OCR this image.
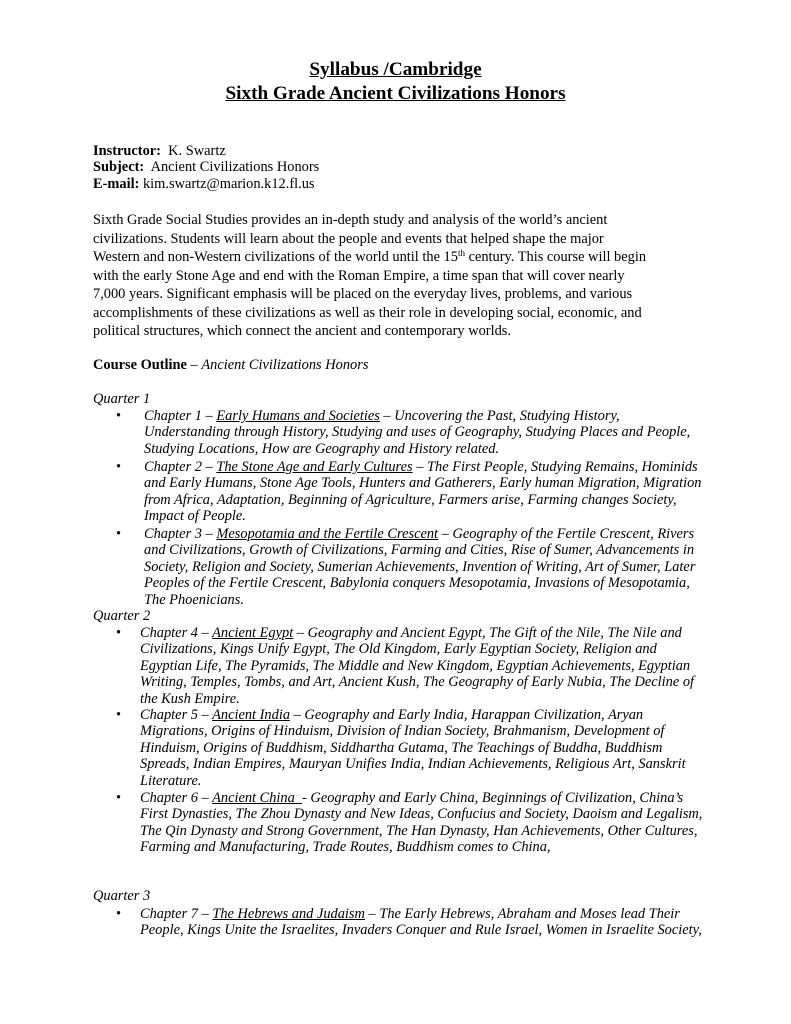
Syllabus /Cambridge
Sixth Grade Ancient Civilizations Honors
Instructor: K. Swartz
Subject: Ancient Civilizations Honors
E-mail: kim.swartz@marion.k12.fl.us

Sixth Grade Social Studies provides an in-depth study and analysis of the world’s ancient

civilizations. Students will learn about the people and events that helped shape the major

Western and non-Western civilizations of the world until the 15th century. This course will begin

with the early Stone Age and end with the Roman Empire, a time span that will cover nearly

7,000 years. Significant emphasis will be placed on the everyday lives, problems, and various

accomplishments of these civilizations as well as their role in developing social, economic, and

political structures, which connect the ancient and contemporary worlds.

Course Outline – Ancient Civilizations Honors
Quarter 1
• Chapter 1 – Early Humans and Societies – Uncovering the Past, Studying History,
Understanding through History, Studying and uses of Geography, Studying Places and People,
Studying Locations, How are Geography and History related.
• Chapter 2 – The Stone Age and Early Cultures – The First People, Studying Remains, Hominids
and Early Humans, Stone Age Tools, Hunters and Gatherers, Early human Migration, Migration
from Africa, Adaptation, Beginning of Agriculture, Farmers arise, Farming changes Society,
Impact of People.
• Chapter 3 – Mesopotamia and the Fertile Crescent – Geography of the Fertile Crescent, Rivers
and Civilizations, Growth of Civilizations, Farming and Cities, Rise of Sumer, Advancements in
Society, Religion and Society, Sumerian Achievements, Invention of Writing, Art of Sumer, Later
Peoples of the Fertile Crescent, Babylonia conquers Mesopotamia, Invasions of Mesopotamia,
The Phoenicians.
Quarter 2
• Chapter 4 – Ancient Egypt – Geography and Ancient Egypt, The Gift of the Nile, The Nile and
Civilizations, Kings Unify Egypt, The Old Kingdom, Early Egyptian Society, Religion and
Egyptian Life, The Pyramids, The Middle and New Kingdom, Egyptian Achievements, Egyptian
Writing, Temples, Tombs, and Art, Ancient Kush, The Geography of Early Nubia, The Decline of
the Kush Empire.
• Chapter 5 – Ancient India – Geography and Early India, Harappan Civilization, Aryan
Migrations, Origins of Hinduism, Division of Indian Society, Brahmanism, Development of
Hinduism, Origins of Buddhism, Siddhartha Gutama, The Teachings of Buddha, Buddhism
Spreads, Indian Empires, Mauryan Unifies India, Indian Achievements, Religious Art, Sanskrit
Literature.
• Chapter 6 – Ancient China  - Geography and Early China, Beginnings of Civilization, China’s
First Dynasties, The Zhou Dynasty and New Ideas, Confucius and Society, Daoism and Legalism,
The Qin Dynasty and Strong Government, The Han Dynasty, Han Achievements, Other Cultures,
Farming and Manufacturing, Trade Routes, Buddhism comes to China,
Quarter 3
• Chapter 7 – The Hebrews and Judaism – The Early Hebrews, Abraham and Moses lead Their
People, Kings Unite the Israelites, Invaders Conquer and Rule Israel, Women in Israelite Society,
